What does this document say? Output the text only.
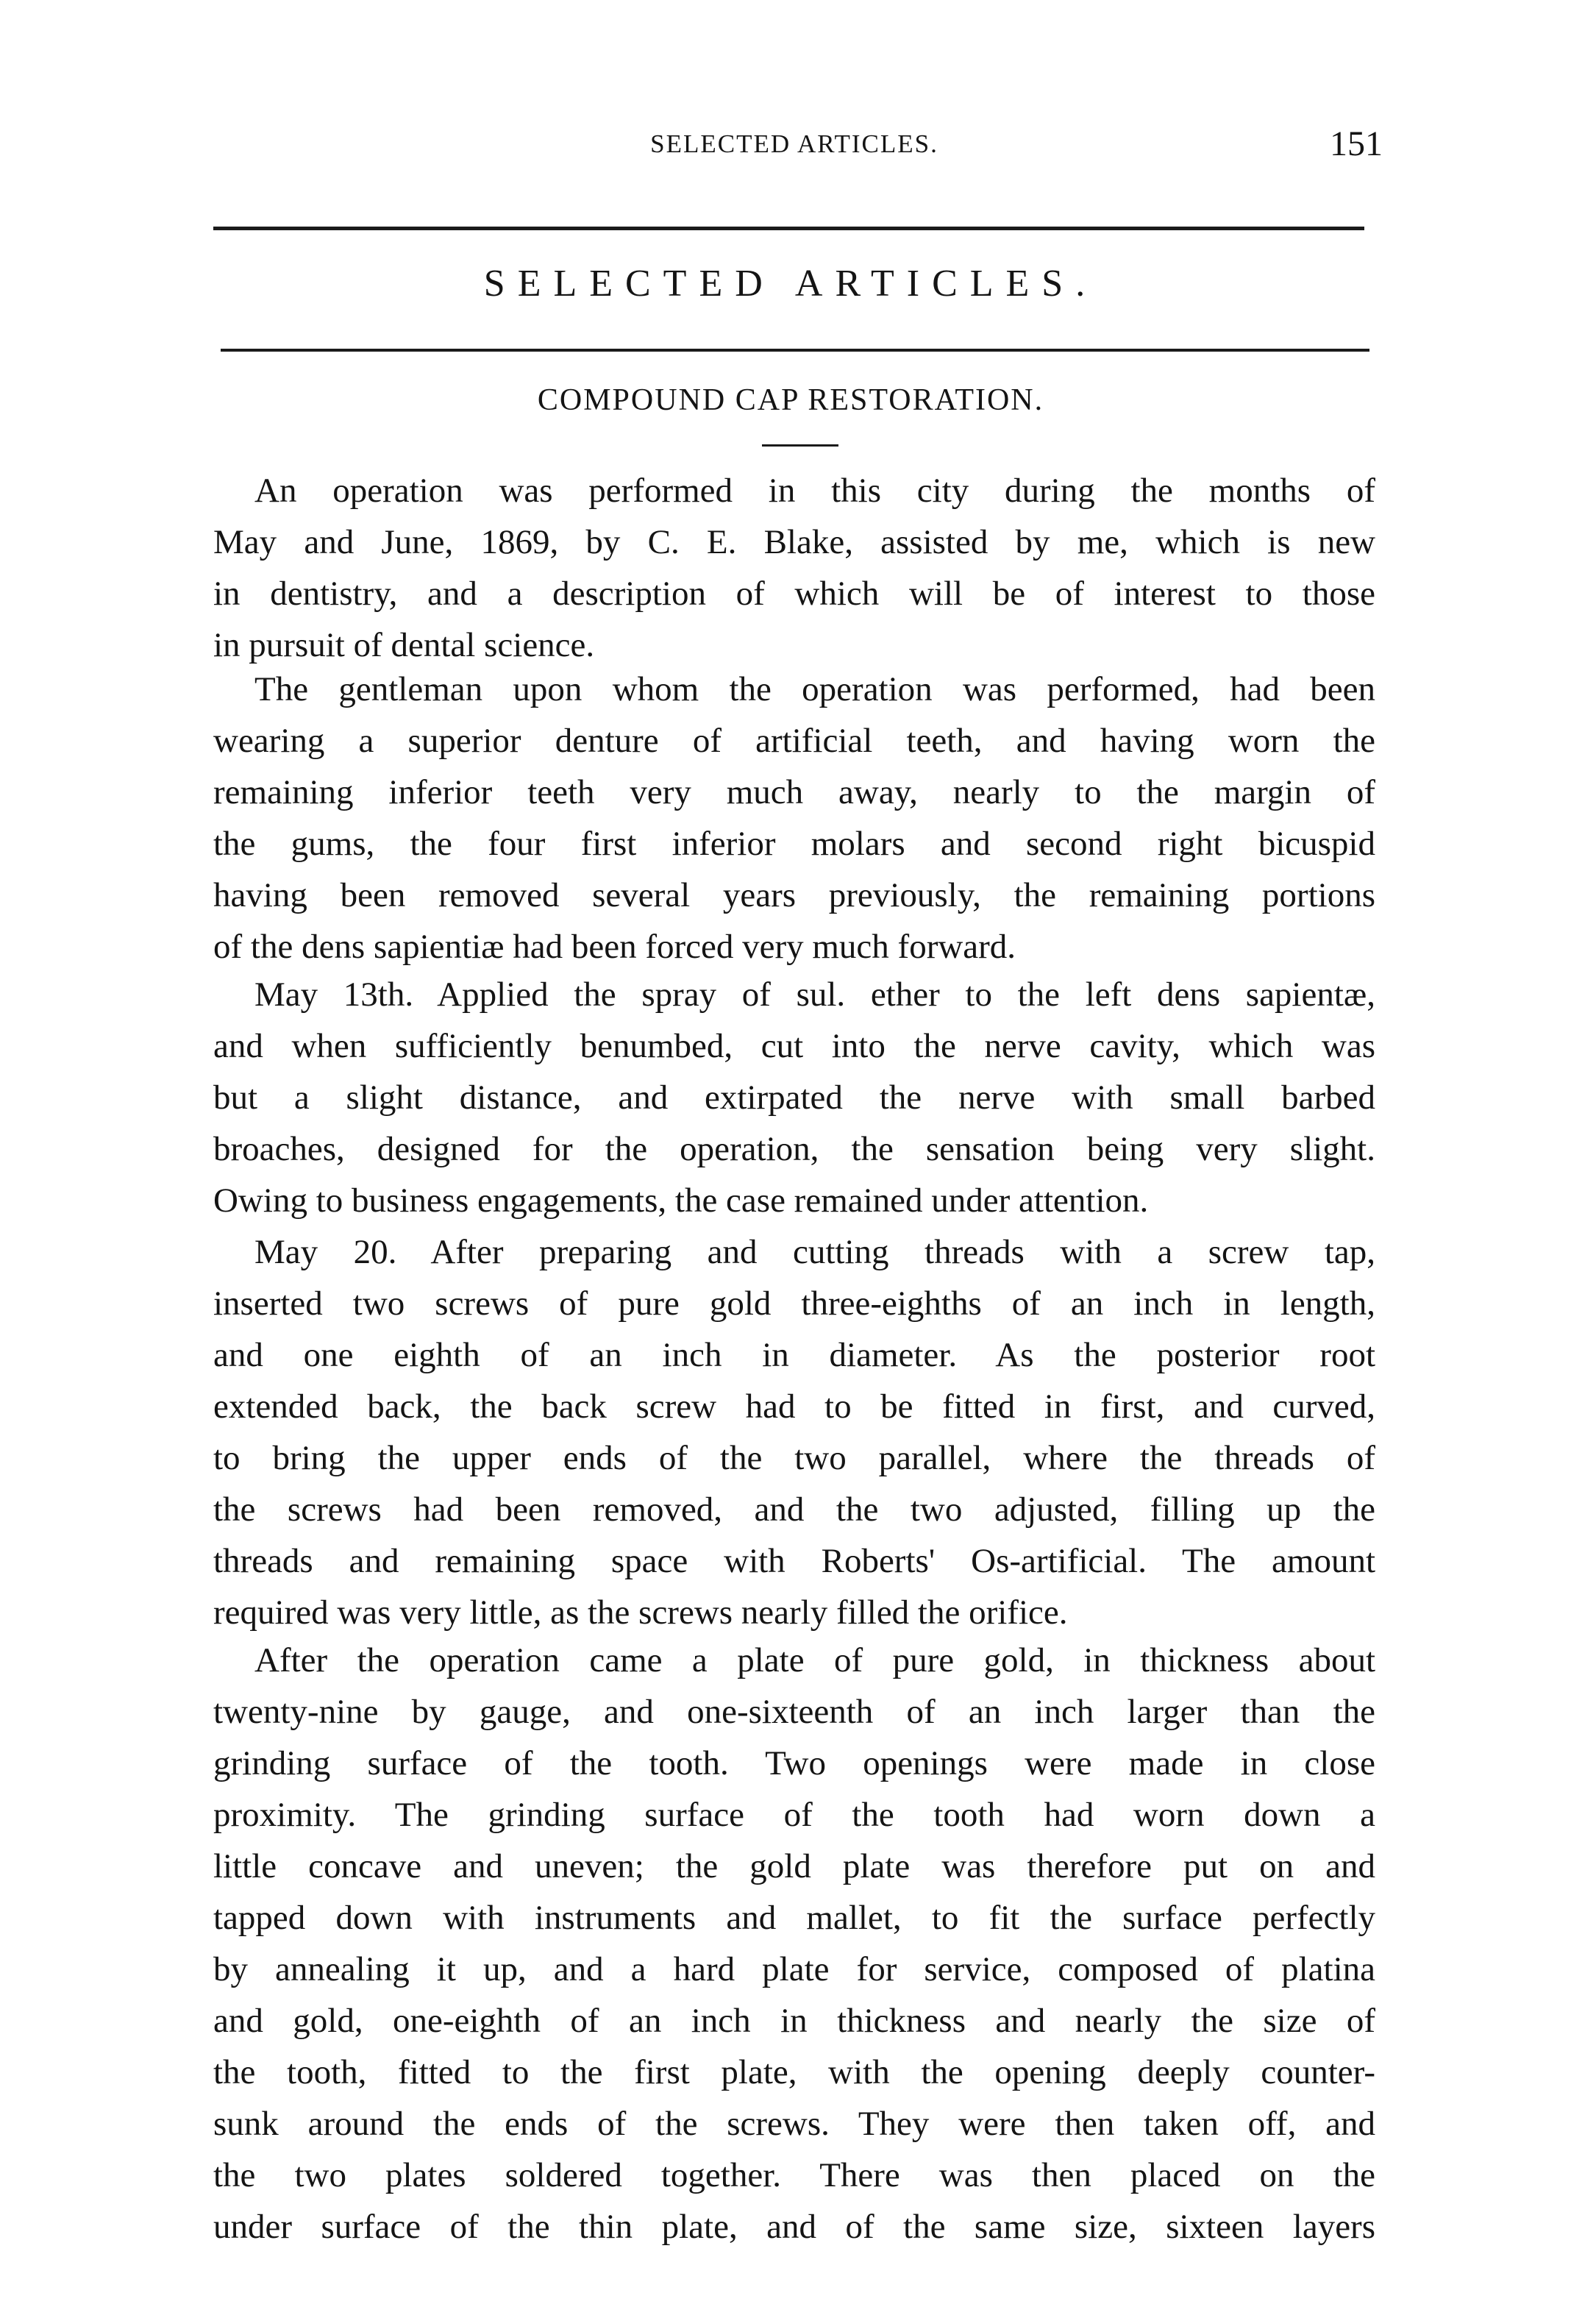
SELECTED ARTICLES.	151
SELECTED ARTICLES.
COMPOUND CAP RESTORATION.
An operation was performed in this city during the months of
May and June, 1869, by C. E. Blake, assisted by me, which is new
in dentistry, and a description of which will be of interest to those
in pursuit of dental science.
The gentleman upon whom the operation was performed, had been
wearing a superior denture of artificial teeth, and having worn the
remaining inferior teeth very much away, nearly to the margin of
the gums, the four first inferior molars and second right bicuspid
having been removed several years previously, the remaining portions
of the dens sapientiæ had been forced very much forward.
May 13th. Applied the spray of sul. ether to the left dens sapientæ,
and when sufficiently benumbed, cut into the nerve cavity, which was
but a slight distance, and extirpated the nerve with small barbed
broaches, designed for the operation, the sensation being very slight.
Owing to business engagements, the case remained under attention.
May 20. After preparing and cutting threads with a screw tap,
inserted two screws of pure gold three-eighths of an inch in length,
and one eighth of an inch in diameter. As the posterior root
extended back, the back screw had to be fitted in first, and curved,
to bring the upper ends of the two parallel, where the threads of
the screws had been removed, and the two adjusted, filling up the
threads and remaining space with Roberts' Os-artificial. The amount
required was very little, as the screws nearly filled the orifice.
After the operation came a plate of pure gold, in thickness about
twenty-nine by gauge, and one-sixteenth of an inch larger than the
grinding surface of the tooth. Two openings were made in close
proximity. The grinding surface of the tooth had worn down a
little concave and uneven; the gold plate was therefore put on and
tapped down with instruments and mallet, to fit the surface perfectly
by annealing it up, and a hard plate for service, composed of platina
and gold, one-eighth of an inch in thickness and nearly the size of
the tooth, fitted to the first plate, with the opening deeply counter-
sunk around the ends of the screws. They were then taken off, and
the two plates soldered together. There was then placed on the
under surface of the thin plate, and of the same size, sixteen layers
